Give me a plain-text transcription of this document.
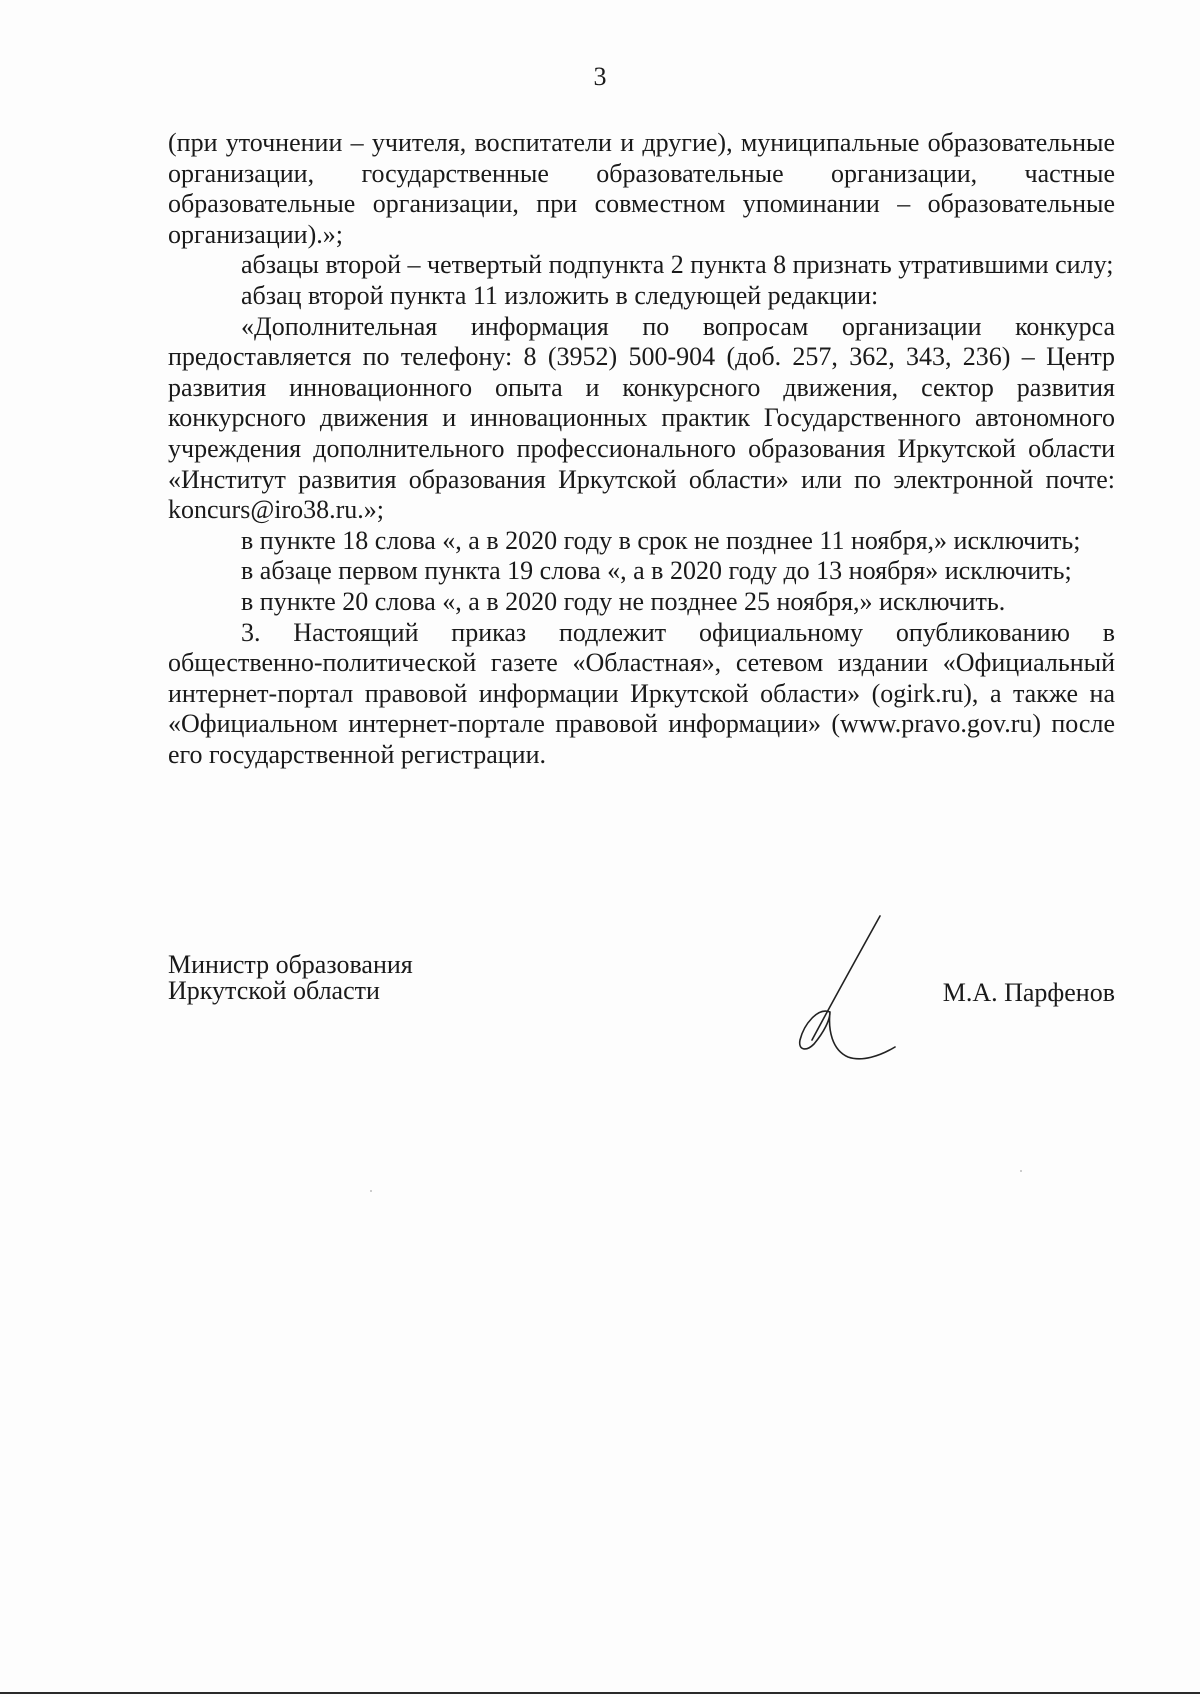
3

(при уточнении – учителя, воспитатели и другие), муниципальные образовательные организации, государственные образовательные организации, частные образовательные организации, при совместном упоминании – образовательные организации).»;

абзацы второй – четвертый подпункта 2 пункта 8 признать утратившими силу;

абзац второй пункта 11 изложить в следующей редакции:

«Дополнительная информация по вопросам организации конкурса предоставляется по телефону: 8 (3952) 500-904 (доб. 257, 362, 343, 236) – Центр развития инновационного опыта и конкурсного движения, сектор развития конкурсного движения и инновационных практик Государственного автономного учреждения дополнительного профессионального образования Иркутской области «Институт развития образования Иркутской области» или по электронной почте: koncurs@iro38.ru.»;

в пункте 18 слова «, а в 2020 году в срок не позднее 11 ноября,» исключить;

в абзаце первом пункта 19 слова «, а в 2020 году до 13 ноября» исключить;

в пункте 20 слова «, а в 2020 году не позднее 25 ноября,» исключить.

3. Настоящий приказ подлежит официальному опубликованию в общественно-политической газете «Областная», сетевом издании «Официальный интернет-портал правовой информации Иркутской области» (ogirk.ru), а также на «Официальном интернет-портале правовой информации» (www.pravo.gov.ru) после его государственной регистрации.

Министр образования
Иркутской области	М.А. Парфенов
